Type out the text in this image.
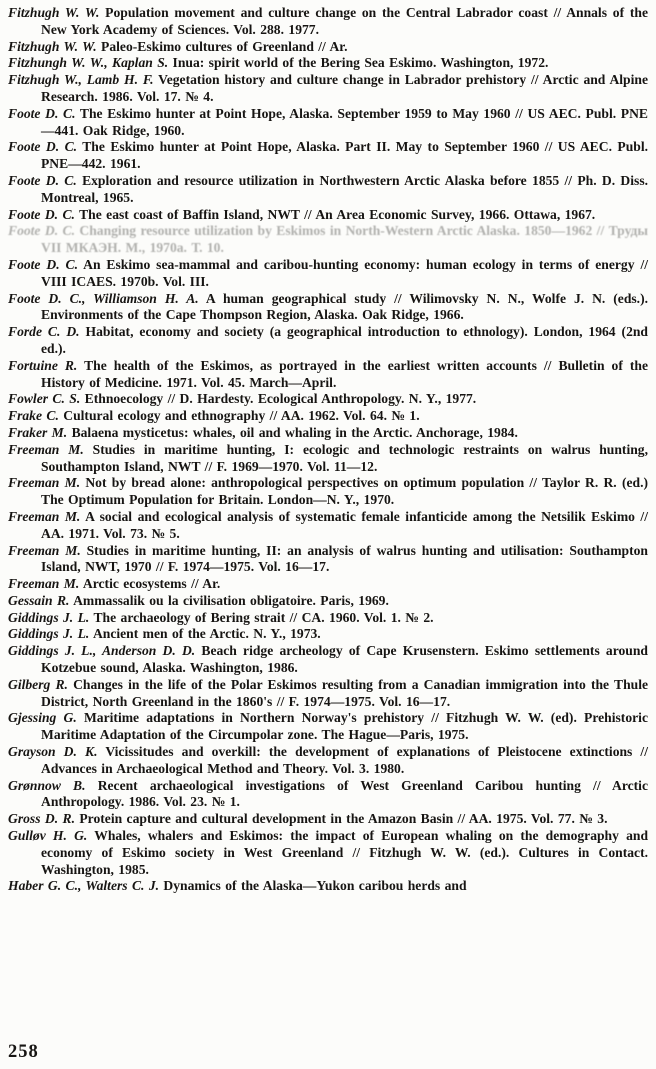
Fitzhugh W. W. Population movement and culture change on the Central Labrador coast // Annals of the New York Academy of Sciences. Vol. 288. 1977.

Fitzhugh W. W. Paleo-Eskimo cultures of Greenland // Ar.

Fitzhungh W. W., Kaplan S. Inua: spirit world of the Bering Sea Eskimo. Washington, 1972.

Fitzhugh W., Lamb H. F. Vegetation history and culture change in Labrador prehistory // Arctic and Alpine Research. 1986. Vol. 17. № 4.

Foote D. C. The Eskimo hunter at Point Hope, Alaska. September 1959 to May 1960 // US AEC. Publ. PNE—441. Oak Ridge, 1960.

Foote D. C. The Eskimo hunter at Point Hope, Alaska. Part II. May to September 1960 // US AEC. Publ. PNE—442. 1961.

Foote D. C. Exploration and resource utilization in Northwestern Arctic Alaska before 1855 // Ph. D. Diss. Montreal, 1965.

Foote D. C. The east coast of Baffin Island, NWT // An Area Economic Survey, 1966. Ottawa, 1967.

Foote D. C. Changing resource utilization by Eskimos in North-Western Arctic Alaska. 1850—1962 // Труды VII МКАЭН. М., 1970a. Т. 10.

Foote D. C. An Eskimo sea-mammal and caribou-hunting economy: human ecology in terms of energy // VIII ICAES. 1970b. Vol. III.

Foote D. C., Williamson H. A. A human geographical study // Wilimovsky N. N., Wolfe J. N. (eds.). Environments of the Cape Thompson Region, Alaska. Oak Ridge, 1966.

Forde C. D. Habitat, economy and society (a geographical introduction to ethnology). London, 1964 (2nd ed.).

Fortuine R. The health of the Eskimos, as portrayed in the earliest written accounts // Bulletin of the History of Medicine. 1971. Vol. 45. March—April.

Fowler C. S. Ethnoecology // D. Hardesty. Ecological Anthropology. N. Y., 1977.

Frake C. Cultural ecology and ethnography // AA. 1962. Vol. 64. № 1.

Fraker M. Balaena mysticetus: whales, oil and whaling in the Arctic. Anchorage, 1984.

Freeman M. Studies in maritime hunting, I: ecologic and technologic restraints on walrus hunting, Southampton Island, NWT // F. 1969—1970. Vol. 11—12.

Freeman M. Not by bread alone: anthropological perspectives on optimum population // Taylor R. R. (ed.) The Optimum Population for Britain. London—N. Y., 1970.

Freeman M. A social and ecological analysis of systematic female infanticide among the Netsilik Eskimo // AA. 1971. Vol. 73. № 5.

Freeman M. Studies in maritime hunting, II: an analysis of walrus hunting and utilisation: Southampton Island, NWT, 1970 // F. 1974—1975. Vol. 16—17.

Freeman M. Arctic ecosystems // Ar.

Gessain R. Ammassalik ou la civilisation obligatoire. Paris, 1969.

Giddings J. L. The archaeology of Bering strait // CA. 1960. Vol. 1. № 2.

Giddings J. L. Ancient men of the Arctic. N. Y., 1973.

Giddings J. L., Anderson D. D. Beach ridge archeology of Cape Krusenstern. Eskimo settlements around Kotzebue sound, Alaska. Washington, 1986.

Gilberg R. Changes in the life of the Polar Eskimos resulting from a Canadian immigration into the Thule District, North Greenland in the 1860's // F. 1974—1975. Vol. 16—17.

Gjessing G. Maritime adaptations in Northern Norway's prehistory // Fitzhugh W. W. (ed). Prehistoric Maritime Adaptation of the Circumpolar zone. The Hague—Paris, 1975.

Grayson D. K. Vicissitudes and overkill: the development of explanations of Pleistocene extinctions // Advances in Archaeological Method and Theory. Vol. 3. 1980.

Grønnow B. Recent archaeological investigations of West Greenland Caribou hunting // Arctic Anthropology. 1986. Vol. 23. № 1.

Gross D. R. Protein capture and cultural development in the Amazon Basin // AA. 1975. Vol. 77. № 3.

Gulløv H. G. Whales, whalers and Eskimos: the impact of European whaling on the demography and economy of Eskimo society in West Greenland // Fitzhugh W. W. (ed.). Cultures in Contact. Washington, 1985.

Haber G. C., Walters C. J. Dynamics of the Alaska—Yukon caribou herds and

258
